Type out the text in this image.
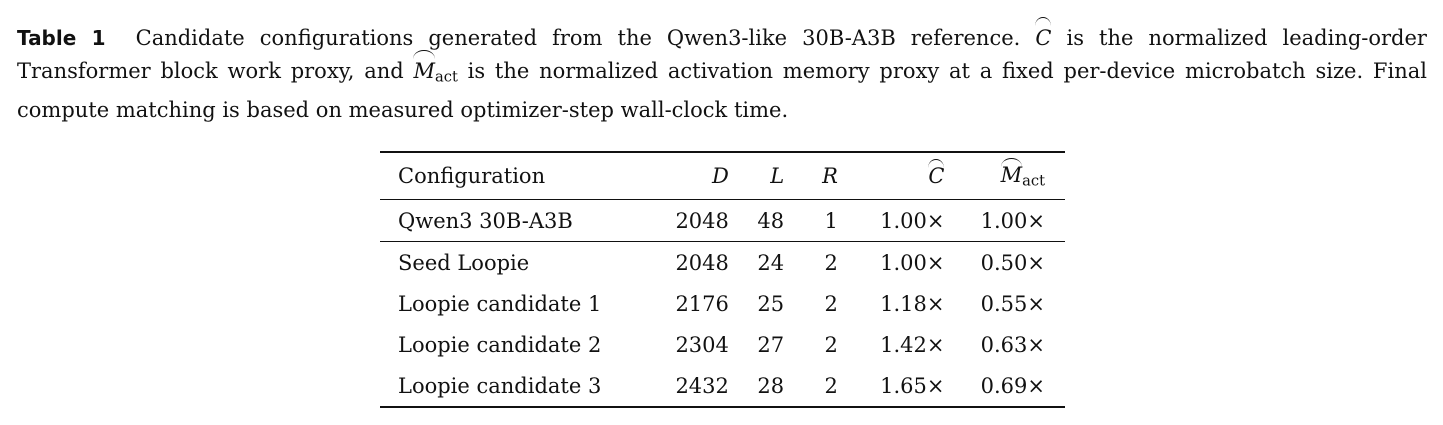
Table 1 Candidate configurations generated from the Qwen3-like 30B-A3B reference. C is the normalized leading-order Transformer block work proxy, and $M_{act}$ is the normalized activation memory proxy at a fixed per-device microbatch size. Final compute matching is based on measured optimizer-step wall-clock time.
Configuration	D	L	R	C	$M_{act}$
Qwen3 30B-A3B	2048	48	1	1.00×	1.00×
Seed Loopie	2048	24	2	1.00×	0.50×
Loopie candidate 1	2176	25	2	1.18×	0.55×
Loopie candidate 2	2304	27	2	1.42×	0.63×
Loopie candidate 3	2432	28	2	1.65×	0.69×
